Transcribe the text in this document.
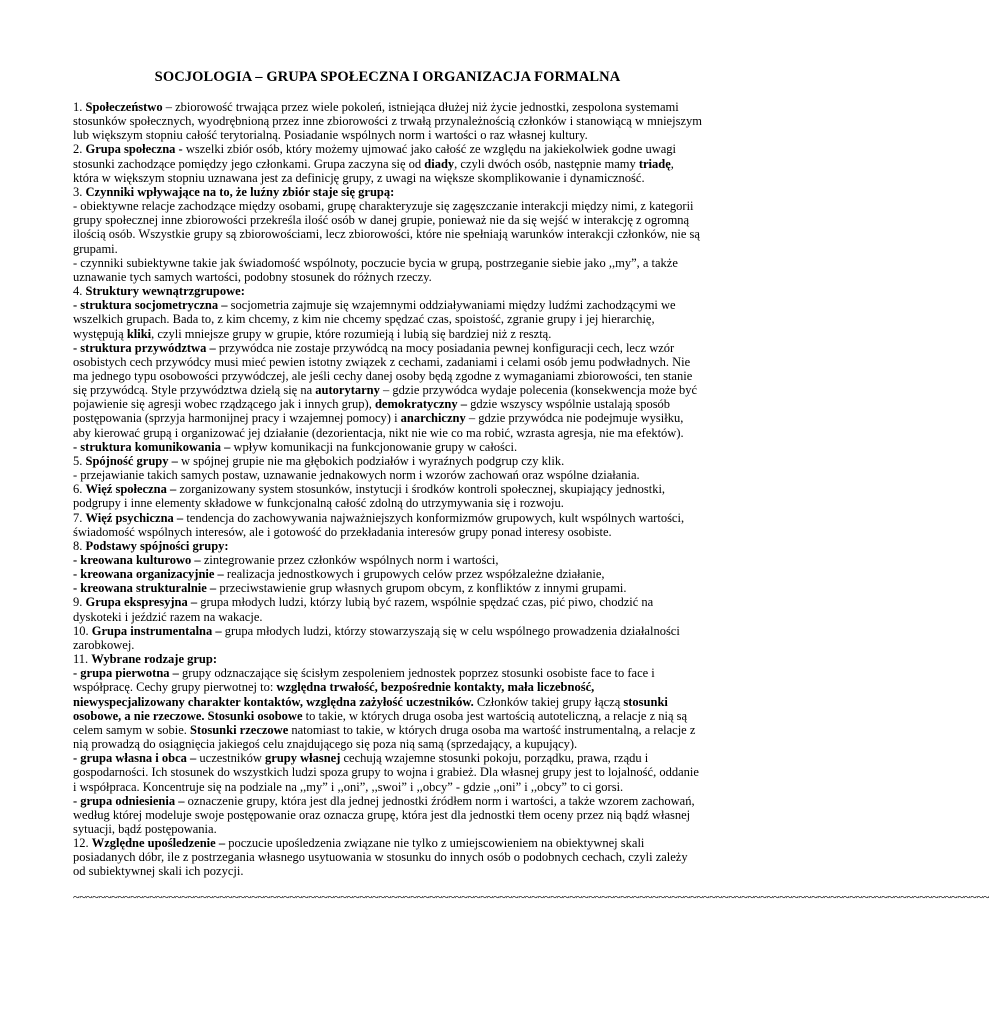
SOCJOLOGIA – GRUPA SPOŁECZNA I ORGANIZACJA FORMALNA

1. Społeczeństwo – zbiorowość trwająca przez wiele pokoleń, istniejąca dłużej niż życie jednostki, zespolona systemami stosunków społecznych, wyodrębnioną przez inne zbiorowości z trwałą przynależnością członków i stanowiącą w mniejszym lub większym stopniu całość terytorialną. Posiadanie wspólnych norm i wartości o raz własnej kultury.

2. Grupa społeczna - wszelki zbiór osób, który możemy ujmować jako całość ze względu na jakiekolwiek godne uwagi stosunki zachodzące pomiędzy jego członkami. Grupa zaczyna się od diady, czyli dwóch osób, następnie mamy triadę, która w większym stopniu uznawana jest za definicję grupy, z uwagi na większe skomplikowanie i dynamiczność.

3. Czynniki wpływające na to, że luźny zbiór staje się grupą:

- obiektywne relacje zachodzące między osobami, grupę charakteryzuje się zagęszczanie interakcji między nimi, z kategorii grupy społecznej inne zbiorowości przekreśla ilość osób w danej grupie, ponieważ nie da się wejść w interakcję z ogromną ilością osób. Wszystkie grupy są zbiorowościami, lecz zbiorowości, które nie spełniają warunków interakcji członków, nie są grupami.

- czynniki subiektywne takie jak świadomość wspólnoty, poczucie bycia w grupą, postrzeganie siebie jako ,,my”, a także uznawanie tych samych wartości, podobny stosunek do różnych rzeczy.

4. Struktury wewnątrzgrupowe:

- struktura socjometryczna – socjometria zajmuje się wzajemnymi oddziaływaniami między ludźmi zachodzącymi we wszelkich grupach. Bada to, z kim chcemy, z kim nie chcemy spędzać czas, spoistość, zgranie grupy i jej hierarchię, występują kliki, czyli mniejsze grupy w grupie, które rozumieją i lubią się bardziej niż z resztą.

- struktura przywództwa – przywódca nie zostaje przywódcą na mocy posiadania pewnej konfiguracji cech, lecz wzór osobistych cech przywódcy musi mieć pewien istotny związek z cechami, zadaniami i celami osób jemu podwładnych. Nie ma jednego typu osobowości przywódczej, ale jeśli cechy danej osoby będą zgodne z wymaganiami zbiorowości, ten stanie się przywódcą. Style przywództwa dzielą się na autorytarny – gdzie przywódca wydaje polecenia (konsekwencja może być pojawienie się agresji wobec rządzącego jak i innych grup), demokratyczny – gdzie wszyscy wspólnie ustalają sposób postępowania (sprzyja harmonijnej pracy i wzajemnej pomocy) i anarchiczny – gdzie przywódca nie podejmuje wysiłku, aby kierować grupą i organizować jej działanie (dezorientacja, nikt nie wie co ma robić, wzrasta agresja, nie ma efektów).

- struktura komunikowania – wpływ komunikacji na funkcjonowanie grupy w całości.

5. Spójność grupy – w spójnej grupie nie ma głębokich podziałów i wyraźnych podgrup czy klik.

- przejawianie takich samych postaw, uznawanie jednakowych norm i wzorów zachowań oraz wspólne działania.

6. Więź społeczna – zorganizowany system stosunków, instytucji i środków kontroli społecznej, skupiający jednostki, podgrupy i inne elementy składowe w funkcjonalną całość zdolną do utrzymywania się i rozwoju.

7. Więź psychiczna – tendencja do zachowywania najważniejszych konformizmów grupowych, kult wspólnych wartości, świadomość wspólnych interesów, ale i gotowość do przekładania interesów grupy ponad interesy osobiste.

8. Podstawy spójności grupy:

- kreowana kulturowo – zintegrowanie przez członków wspólnych norm i wartości,

- kreowana organizacyjnie – realizacja jednostkowych i grupowych celów przez współzależne działanie,

- kreowana strukturalnie – przeciwstawienie grup własnych grupom obcym, z konfliktów z innymi grupami.

9. Grupa ekspresyjna – grupa młodych ludzi, którzy lubią być razem, wspólnie spędzać czas, pić piwo, chodzić na dyskoteki i jeździć razem na wakacje.

10. Grupa instrumentalna – grupa młodych ludzi, którzy stowarzyszają się w celu wspólnego prowadzenia działalności zarobkowej.

11. Wybrane rodzaje grup:

- grupa pierwotna – grupy odznaczające się ścisłym zespoleniem jednostek poprzez stosunki osobiste face to face i współpracę. Cechy grupy pierwotnej to: względna trwałość, bezpośrednie kontakty, mała liczebność, niewyspecjalizowany charakter kontaktów, względna zażyłość uczestników. Członków takiej grupy łączą stosunki osobowe, a nie rzeczowe. Stosunki osobowe to takie, w których druga osoba jest wartością autoteliczną, a relacje z nią są celem samym w sobie. Stosunki rzeczowe natomiast to takie, w których druga osoba ma wartość instrumentalną, a relacje z nią prowadzą do osiągnięcia jakiegoś celu znajdującego się poza nią samą (sprzedający, a kupujący).

- grupa własna i obca – uczestników grupy własnej cechują wzajemne stosunki pokoju, porządku, prawa, rządu i gospodarności. Ich stosunek do wszystkich ludzi spoza grupy to wojna i grabież. Dla własnej grupy jest to lojalność, oddanie i współpraca. Koncentruje się na podziale na ,,my” i ,,oni”, ,,swoi” i ,,obcy” - gdzie ,,oni” i ,,obcy” to ci gorsi.

- grupa odniesienia – oznaczenie grupy, która jest dla jednej jednostki źródłem norm i wartości, a także wzorem zachowań, według której modeluje swoje postępowanie oraz oznacza grupę, która jest dla jednostki tłem oceny przez nią bądź własnej sytuacji, bądź postępowania.

12. Względne upośledzenie – poczucie upośledzenia związane nie tylko z umiejscowieniem na obiektywnej skali posiadanych dóbr, ile z postrzegania własnego usytuowania w stosunku do innych osób o podobnych cechach, czyli zależy od subiektywnej skali ich pozycji.

~~~~~~~~~~~~~~~~~~~~~~~~~~~~~~~~~~~~~~~~~~~~~~~~~~~~~~~~~~~~~~~~~~~~~~~~~~~~~~~~~~~~~~~~~~~~~~~~~~~~~~~~~~~~~~~~~~~~~~~~~~~~~~~~~~~~~~~~~~~~~~~~
